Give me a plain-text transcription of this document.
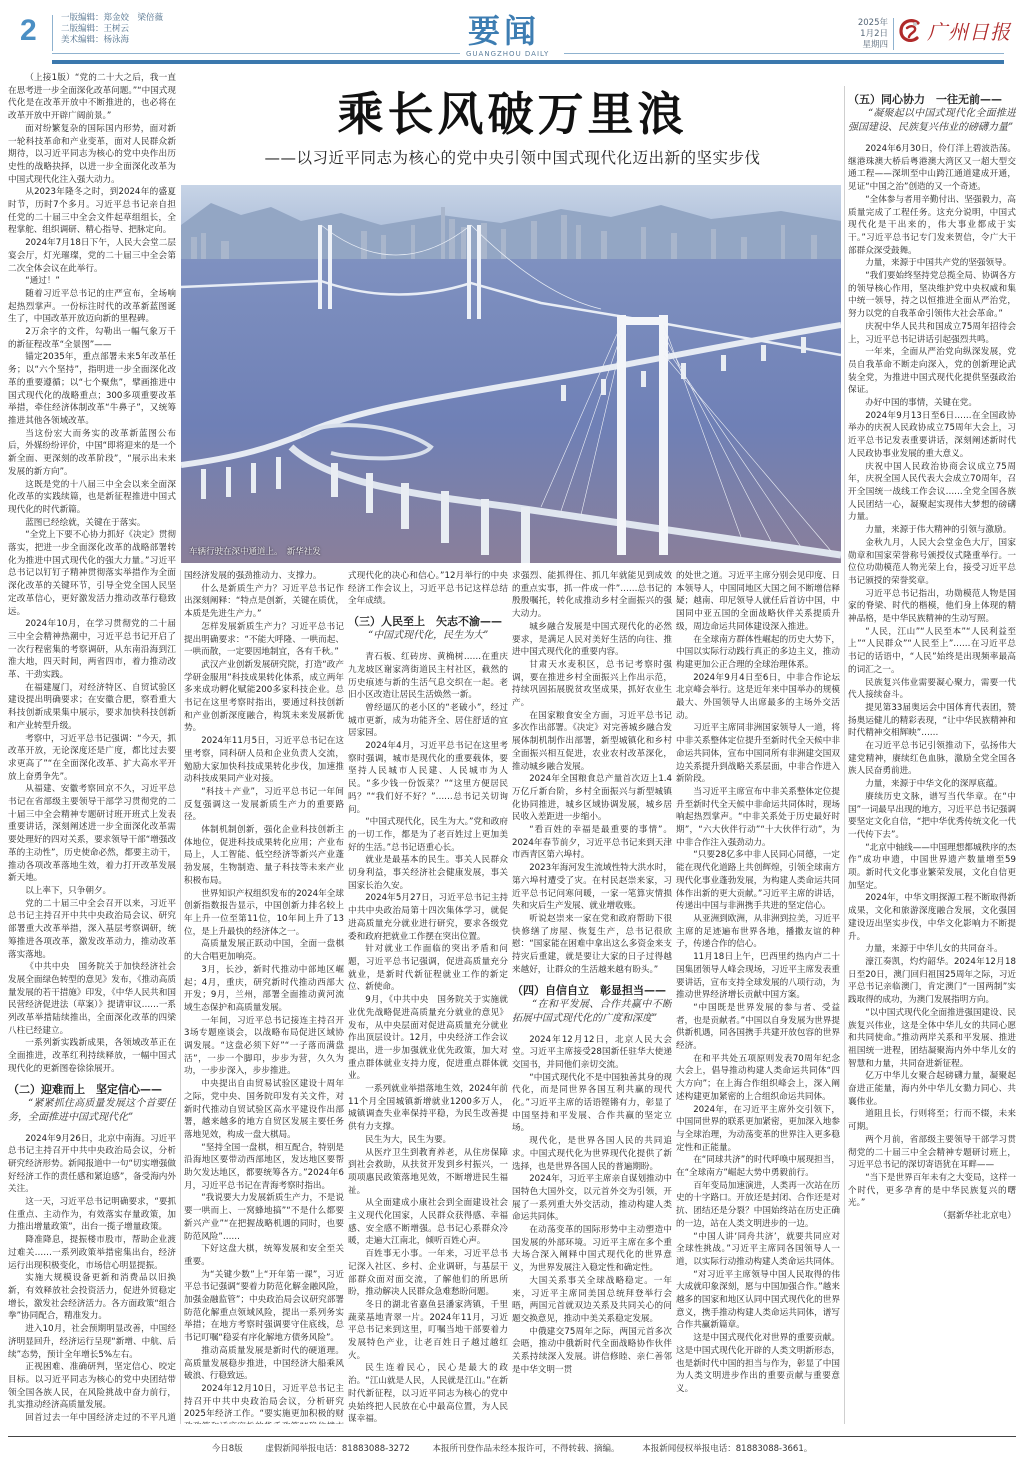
2	一版编辑：郑金姣　梁倍薇
二版编辑：王树云
美术编辑：杨泳海	要闻
GUANGZHOU DAILY
2025年
1月2日
星期四
广州日报
乘长风破万里浪
——以习近平同志为核心的党中央引领中国式现代化迈出新的坚实步伐
车辆行驶在深中通道上。　新华社发

（上接1版）“党的二十大之后，我一直在思考进一步全面深化改革问题。”“中国式现代化是在改革开放中不断推进的，也必将在改革开放中开辟广阔前景。”

面对纷繁复杂的国际国内形势，面对新一轮科技革命和产业变革，面对人民群众新期待，以习近平同志为核心的党中央作出历史性的战略抉择，以进一步全面深化改革为中国式现代化注入强大动力。

从2023年隆冬之时，到2024年的盛夏时节，历时7个多月。习近平总书记亲自担任党的二十届三中全会文件起草组组长，全程掌舵、组织调研、精心指导、把脉定向。

2024年7月18日下午，人民大会堂二层宴会厅，灯光璀璨，党的二十届三中全会第二次全体会议在此举行。

“通过！”

随着习近平总书记的庄严宣布，全场响起热烈掌声。一份标注时代的改革新蓝图诞生了，中国改革开放迈向新的里程碑。

2万余字的文件，勾勒出一幅气象万千的新征程改革“全景图”——

锚定2035年，重点部署未来5年改革任务；以“六个坚持”，指明进一步全面深化改革的重要遵循；以“七个聚焦”，擘画推进中国式现代化的战略重点；300多项重要改革举措，牵住经济体制改革“牛鼻子”，又统筹推进其他各领域改革。

当这份宏大而务实的改革新蓝图公布后，外媒纷纷评价，中国“即将迎来的是一个新全面、更深刻的改革阶段”，“展示出未来发展的新方向”。

这既是党的十八届三中全会以来全面深化改革的实践续篇，也是新征程推进中国式现代化的时代新篇。

蓝图已经绘就，关键在于落实。

“全党上下要不心协力抓好《决定》贯彻落实，把进一步全面深化改革的战略部署转化为推进中国式现代化的强大力量。”习近平总书记以钉钉子精神贯彻落实举措作为全面深化改革的关键环节，引导全党全国人民坚定改革信心，更好激发活力推动改革行稳致远。

2024年10月，在学习贯彻党的二十届三中全会精神热潮中，习近平总书记开启了一次行程密集的考察调研，从东南沿海到江淮大地，四天时间，两省四市，着力推动改革、干劲实践。

在福建厦门，对经济特区、自贸试验区建设提出明确要求；在安徽合肥，察看重大科技创新成果集中展示，要求加快科技创新和产业转型升级。

考察中，习近平总书记强调：“今天，抓改革开放，无论深度还是广度，都比过去要求更高了”“在全面深化改革、扩大高水平开放上奋勇争先”。

从福建、安徽考察回京不久，习近平总书记在省部级主要领导干部学习贯彻党的二十届三中全会精神专题研讨班开班式上发表重要讲话，深刻阐述进一步全面深化改革需要处理好的四对关系，要求领导干部“增强改革的主动性”，历史使命必然，都要主动干，推动各项改革落地生效，着力打开改革发展新天地。

以上率下，只争朝夕。

党的二十届三中全会召开以来，习近平总书记主持召开中共中央政治局会议、研究部署重大改革举措，深入基层考察调研，统筹推进各项改革，激发改革动力，推动改革落实落地。

《中共中央　国务院关于加快经济社会发展全面绿色转型的意见》发布，《推动高质量发展的若干措施》印发，《中华人民共和国民营经济促进法（草案）》提请审议……一系列改革举措陆续推出，全面深化改革的四梁八柱已经建立。

一系列新实践新成果，各领域改革正在全面推进，改革红利持续释放，一幅中国式现代化的更新图卷徐徐展开。

（二）迎难而上　坚定信心——

“紧紧抓住高质量发展这个首要任务，全面推进中国式现代化”

2024年9月26日，北京中南海。习近平总书记主持召开中共中央政治局会议，分析研究经济形势。新闻报道中一句“切实增强做好经济工作的责任感和紧迫感”，备受海内外关注。

这一天，习近平总书记明确要求，“要抓住重点、主动作为，有效落实存量政策，加力推出增量政策”，出台一揽子增量政策。

降准降息，提振楼市股市，帮助企业渡过难关……一系列政策举措密集出台，经济运行出现积极变化，市场信心明显提振。

实施大规模设备更新和消费品以旧换新，有效释放社会投资活力，促进外贸稳定增长，激发社会经济活力。各方面政策“组合拳”协同配合，精准发力。

进入10月，社会预期明显改善，中国经济明显回升，经济运行呈现“新增、中航、后续”态势，预计全年增长5%左右。

正视困难、准确研判，坚定信心、咬定目标。以习近平同志为核心的党中央团结带领全国各族人民，在风险挑战中奋力前行，扎实推动经济高质量发展。

回首过去一年中国经济走过的不平凡道

国经济发展的强劲推动力、支撑力。

什么是新质生产力？习近平总书记作出深刻阐释：“特点是创新，关键在质优，本质是先进生产力。”

怎样发展新质生产力？习近平总书记提出明确要求：“不能大呼隆、一哄而起、一哄而散，一定要因地制宜，各有千秋。”

武汉产业创新发展研究院，打造“政产学研金服用”科技成果转化体系，成立两年多来成功孵化赋能200多家科技企业。总书记在这里考察时指出，要通过科技创新和产业创新深度融合，构筑未来发展新优势。

2024年11月5日，习近平总书记在这里考察，同科研人员和企业负责人交流，勉励大家加快科技成果转化步伐，加速推动科技成果同产业对接。

“科技＋产业”，习近平总书记一年间反复强调这一发展新质生产力的重要路径。

体制机制创新，强化企业科技创新主体地位，促进科技成果转化应用；产业布局上，人工智能、低空经济等新兴产业蓬勃发展，生物制造、量子科技等未来产业积极布局。

世界知识产权组织发布的2024年全球创新指数报告显示，中国创新力排名较上年上升一位至第11位，10年间上升了13位，是上升最快的经济体之一。

高质量发展正跃动中国，全面一盘棋的大合唱更加响亮。

3月，长沙，新时代推动中部地区崛起；4月，重庆，研究新时代推动西部大开发；9月，兰州，部署全面推动黄河流域生态保护和高质量发展。

一年间，习近平总书记接连主持召开3场专题座谈会，以战略布局促进区域协调发展。“这盘必须下好”“一子落而满盘活”，一步一个脚印，步步为营，久久为功，一步步深入，步步推进。

中央提出自由贸易试验区建设十周年之际，党中央、国务院印发有关文件，对新时代推动自贸试验区高水平建设作出部署，越来越多的地方自贸区发展主要任务落地见效，构成一盘大棋局。

“坚持全国一盘棋，相互配合，特别是沿海地区要带动西部地区，发达地区要帮助欠发达地区，都要统筹各方。”2024年6月，习近平总书记在青海考察时指出。

“我说要大力发展新质生产力，不是说要一哄而上、一窝蜂地搞”“不是什么都要新兴产业”“在把握战略机遇的同时，也要防范风险”……

下好这盘大棋，统筹发展和安全至关重要。

为“关键少数”上“开年第一课”，习近平总书记强调“要着力防范化解金融风险，加强金融监管”；中央政治局会议研究部署防范化解重点领域风险，提出一系列务实举措；在地方考察时强调要守住底线，总书记叮嘱“稳妥有序化解地方债务风险”。

推动高质量发展是新时代的硬道理。高质量发展稳步推进，中国经济大船乘风破浪、行稳致远。

2024年12月10日，习近平总书记主持召开中共中央政治局会议，分析研究2025年经济工作。“要实施更加积极的财

式现代化的决心和信心。”12月举行的中央经济工作会议上，习近平总书记这样总结全年成绩。

（三）人民至上　矢志不渝——

“中国式现代化，民生为大”

青石板、红砖房、黄桷树……在重庆九龙坡区谢家湾街道民主村社区，截然的历史痕迹与新的生活气息交织在一起。老旧小区改造让居民生活焕然一新。

曾经逼仄的老小区的“老破小”，经过城市更新，成为功能齐全、居住舒适的宜居家园。

2024年4月，习近平总书记在这里考察时强调，城市是现代化的重要载体，要坚持人民城市人民建、人民城市为人民。“多少钱一份饭菜？”“这里方便居民吗？”“我们好不好？”……总书记关切询问。

“中国式现代化，民生为大。”党和政府的一切工作，都是为了老百姓过上更加美好的生活。”总书记语重心长。

就业是最基本的民生。事关人民群众切身利益，事关经济社会健康发展，事关国家长治久安。

2024年5月27日，习近平总书记主持中共中央政治局第十四次集体学习，就促进高质量充分就业进行研究，要求各级党委和政府把就业工作摆在突出位置。

针对就业工作面临的突出矛盾和问题，习近平总书记强调，促进高质量充分就业，是新时代新征程就业工作的新定位、新使命。

9月，《中共中央　国务院关于实施就业优先战略促进高质量充分就业的意见》发布，从中央层面对促进高质量充分就业作出顶层设计。12月，中央经济工作会议提出，进一步加强就业优先政策，加大对重点群体就业支持力度，促进重点群体就业。

一系列就业举措落地生效，2024年前11个月全国城镇新增就业1200多万人，城镇调查失业率保持平稳，为民生改善提供有力支撑。

民生为大，民生为要。

从医疗卫生到教育养老，从住房保障到社会救助，从扶贫开发到乡村振兴，一项项惠民政策落地见效，不断增进民生福祉。

从全面建成小康社会到全面建设社会主义现代化国家，人民群众获得感、幸福感、安全感不断增强。总书记心系群众冷暖，走遍大江南北，倾听百姓心声。

百姓事无小事。一年来，习近平总书记深入社区、乡村、企业调研，与基层干部群众面对面交流，了解他们的所思所盼，推动解决人民群众急难愁盼问题。

冬日的湖北省嘉鱼县潘家湾镇，千里蔬菜基地青翠一片。2024年11月，习近平总书记来到这里，叮嘱当地干部要着力发展特色产业，让老百姓日子越过越红火。

民生连着民心，民心是最大的政治。“江山就是人民，人民就是江山。”在新时代新征程，以习近平同志为核心的党中央始终把人民放在心中最高位置，为人民谋幸福。

求强烈、能抓得住、抓几年就能见到成效的重点实事，抓一件成一件”……总书记的殷殷嘱托，转化成推动乡村全面振兴的强大动力。

城乡融合发展是中国式现代化的必然要求，是满足人民对美好生活的向往、推进中国式现代化的重要内容。

甘肃天水麦积区，总书记考察时强调，要在推进乡村全面振兴上作出示范，持续巩固拓展脱贫攻坚成果，抓好农业生产。

在国家粮食安全方面，习近平总书记多次作出部署。《决定》对完善城乡融合发展体制机制作出部署，新型城镇化和乡村全面振兴相互促进，农业农村改革深化，推动城乡融合发展。

2024年全国粮食总产量首次迈上1.4万亿斤新台阶，乡村全面振兴与新型城镇化协同推进，城乡区域协调发展，城乡居民收入差距进一步缩小。

“看百姓的幸福是最重要的事情”。2024年春节前夕，习近平总书记来到天津市西青区第六埠村。

2023年海河发生流域性特大洪水时，第六埠村遭受了灾。在村民赵崇来家，习近平总书记问寒问暖，一家一笔算灾情损失和灾后生产发展、就业增收账。

听说赵崇来一家在党和政府帮助下很快修缮了房屋、恢复生产，总书记很欣慰：“国家能在困难中拿出这么多资金来支持灾后重建，就是要让大家的日子过得越来越好，让群众的生活越来越有盼头。”

（四）自信自立　彰显担当——

“在和平发展、合作共赢中不断拓展中国式现代化的广度和深度”

2024年12月12日，北京人民大会堂。习近平主席接受28国新任驻华大使递交国书，并同他们亲切交流。

“中国式现代化不是中国独善其身的现代化，而是同世界各国互利共赢的现代化。”习近平主席的话语铿锵有力，彰显了中国坚持和平发展、合作共赢的坚定立场。

现代化，是世界各国人民的共同追求。中国式现代化为世界现代化提供了新选择，也是世界各国人民的普遍期盼。

2024年，习近平主席亲自谋划推动中国特色大国外交，以元首外交为引领，开展了一系列重大外交活动，推动构建人类命运共同体。

在动荡变革的国际形势中主动塑造中国发展的外部环境。习近平主席在多个重大场合深入阐释中国式现代化的世界意义，为世界发展注入稳定性和确定性。

大国关系事关全球战略稳定。一年来，习近平主席同美国总统拜登举行会晤，两国元首就双边关系及共同关心的问题交换意见，推动中美关系稳定发展。

中俄建交75周年之际，两国元首多次会晤，推动中俄新时代全面战略协作伙伴关系持续深入发展。讲信修睦、亲仁善邻是中华文明一贯

的处世之道。习近平主席分别会见印度、日本领导人，中国同地区大国之间不断增信释疑；越南、印尼领导人就任后首访中国，中国同中亚五国的全面战略伙伴关系提质升级，周边命运共同体建设深入推进。

在全球南方群体性崛起的历史大势下，中国以实际行动践行真正的多边主义，推动构建更加公正合理的全球治理体系。

2024年9月4日至6日，中非合作论坛北京峰会举行。这是近年来中国举办的规模最大、外国领导人出席最多的主场外交活动。

习近平主席同非洲国家领导人一道，将中非关系整体定位提升至新时代全天候中非命运共同体，宣布中国同所有非洲建交国双边关系提升到战略关系层面，中非合作进入新阶段。

当习近平主席宣布中非关系整体定位提升至新时代全天候中非命运共同体时，现场响起热烈掌声。“中非关系处于历史最好时期”，“六大伙伴行动”“十大伙伴行动”，为中非合作注入强劲动力。

“只要28亿多中非人民同心同德，一定能在现代化道路上共创辉煌，引领全球南方现代化事业蓬勃发展，为构建人类命运共同体作出新的更大贡献。”习近平主席的讲话，传递出中国与非洲携手共进的坚定信心。

从亚洲到欧洲，从非洲到拉美，习近平主席的足迹遍布世界各地，播撒友谊的种子，传递合作的信心。

11月18日上午，巴西里约热内卢二十国集团领导人峰会现场，习近平主席发表重要讲话，宣布支持全球发展的八项行动，为推动世界经济增长贡献中国方案。

“中国既是世界发展的参与者、受益者，也是贡献者。”中国以自身发展为世界提供新机遇，同各国携手共建开放包容的世界经济。

在和平共处五项原则发表70周年纪念大会上，倡导推动构建人类命运共同体“四大方向”；在上海合作组织峰会上，深入阐述构建更加紧密的上合组织命运共同体。

2024年，在习近平主席外交引领下，中国同世界的联系更加紧密，更加深入地参与全球治理，为动荡变革的世界注入更多稳定性和正能量。

在“同球共济”的时代呼唤中展现担当，在“全球南方”崛起大势中勇毅前行。

百年变局加速演进，人类再一次站在历史的十字路口。开放还是封闭、合作还是对抗、团结还是分裂？中国始终站在历史正确的一边，站在人类文明进步的一边。

“中国人讲‘同舟共济’，就要共同应对全球性挑战。”习近平主席同各国领导人一道，以实际行动推动构建人类命运共同体。

“对习近平主席领导中国人民取得的伟大成就印象深刻，愿与中国加强合作。”越来越多的国家和地区认同中国式现代化的世界意义，携手推动构建人类命运共同体，谱写合作共赢新篇章。

这是中国式现代化对世界的重要贡献。这是中国式现代化开辟的人类文明新形态，也是新时代中国的担当与作为，彰显了中国为人类文明进步作出的重要贡献与重要意义。

（五）同心协力　一往无前——

“凝聚起以中国式现代化全面推进强国建设、民族复兴伟业的磅礴力量”

2024年6月30日，伶仃洋上碧波浩荡。继港珠澳大桥后粤港澳大湾区又一超大型交通工程——深圳至中山跨江通道建成开通，见证“中国之治”创造的又一个奇迹。

“全体参与者用辛勤付出、坚强毅力，高质量完成了工程任务。这充分说明，中国式现代化是干出来的，伟大事业都成于实干。”习近平总书记专门发来贺信，令广大干部群众深受鼓舞。

力量，来源于中国共产党的坚强领导。

“我们要始终坚持党总揽全局、协调各方的领导核心作用，坚决维护党中央权威和集中统一领导，持之以恒推进全面从严治党，努力以党的自我革命引领伟大社会革命。”

庆祝中华人民共和国成立75周年招待会上，习近平总书记讲话引起强烈共鸣。

一年来，全面从严治党向纵深发展，党员自我革命不断走向深入，党的创新理论武装全党，为推进中国式现代化提供坚强政治保证。

办好中国的事情，关键在党。

2024年9月13日至6日……在全国政协举办的庆祝人民政协成立75周年大会上，习近平总书记发表重要讲话，深刻阐述新时代人民政协事业发展的重大意义。

庆祝中国人民政治协商会议成立75周年，庆祝全国人民代表大会成立70周年，召开全国统一战线工作会议……全党全国各族人民团结一心，凝聚起实现伟大梦想的磅礴力量。

力量，来源于伟大精神的引领与激励。

金秋九月，人民大会堂金色大厅，国家勋章和国家荣誉称号颁授仪式隆重举行。一位位功勋模范人物光荣上台，接受习近平总书记颁授的荣誉奖章。

习近平总书记指出，功勋模范人物是国家的脊梁、时代的楷模，他们身上体现的精神品格，是中华民族精神的生动写照。

“人民，江山”“人民至本”“人民利益至上”“人民群众”“人民至上”……在习近平总书记的话语中，“人民”始终是出现频率最高的词汇之一。

民族复兴伟业需要凝心聚力，需要一代代人接续奋斗。

提见第33届奥运会中国体育代表团，赞扬奥运健儿的精彩表现，“让中华民族精神和时代精神交相辉映”……

在习近平总书记引领推动下，弘扬伟大建党精神，赓续红色血脉，激励全党全国各族人民奋勇前进。

力量，来源于中华文化的深厚底蕴。

赓续历史文脉，谱写当代华章。在“中国”一词最早出现的地方，习近平总书记强调要坚定文化自信，“把中华优秀传统文化一代一代传下去”。

“北京中轴线——中国理想都城秩序的杰作”成功申遗，中国世界遗产数量增至59项。新时代文化事业繁荣发展，文化自信更加坚定。

2024年，中华文明探源工程不断取得新成果，文化和旅游深度融合发展，文化强国建设迈出坚实步伐，中华文化影响力不断提升。

力量，来源于中华儿女的共同奋斗。

濠江奏凯，灼灼韶华。2024年12月18日至20日，澳门回归祖国25周年之际，习近平总书记亲临澳门，肯定澳门“一国两制”实践取得的成功，为澳门发展指明方向。

“以中国式现代化全面推进强国建设、民族复兴伟业，这是全体中华儿女的共同心愿和共同使命。”推动两岸关系和平发展、推进祖国统一进程，团结凝聚海内外中华儿女的智慧和力量，共同奋进新征程。

亿万中华儿女聚合起磅礴力量，凝聚起奋进正能量，海内外中华儿女勠力同心、共襄伟业。

道阻且长，行则将至；行而不辍，未来可期。

两个月前，省部级主要领导干部学习贯彻党的二十届三中全会精神专题研讨班上，习近平总书记的深切寄语犹在耳畔——

“当下是世界百年未有之大变局，这样一个时代，更多孕育的是中华民族复兴的曙光。”

（据新华社北京电）

今日8版	虚假新闻举报电话：81883088-3272	本报所刊登作品未经本报许可，不得转载、摘编。	本报新闻侵权举报电话：81883088-3661。
